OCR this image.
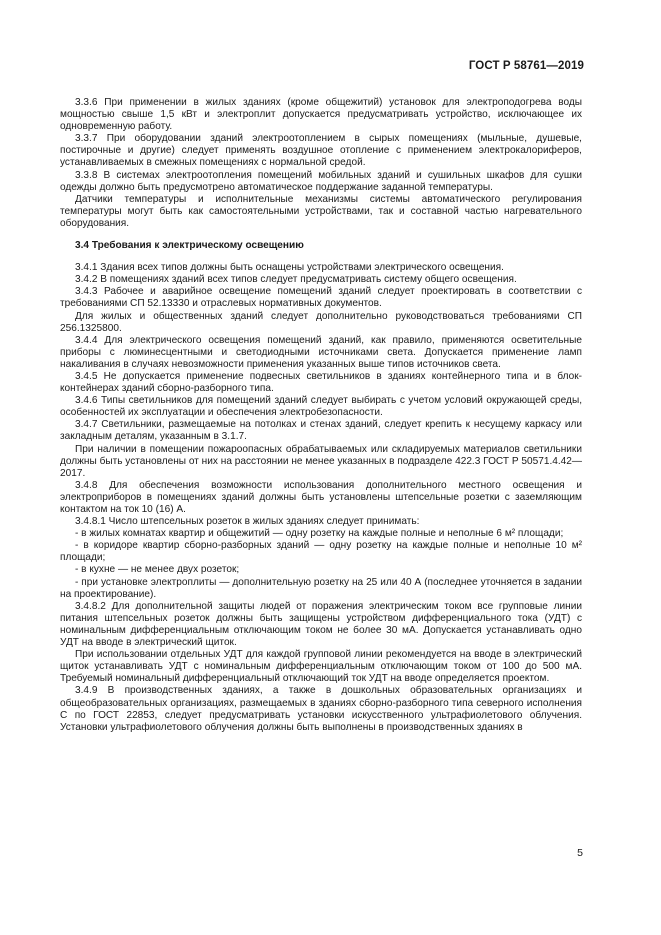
ГОСТ Р 58761—2019

3.3.6 При применении в жилых зданиях (кроме общежитий) установок для электроподогрева воды мощностью свыше 1,5 кВт и электроплит допускается предусматривать устройство, исключающее их одновременную работу.

3.3.7 При оборудовании зданий электроотоплением в сырых помещениях (мыльные, душевые, постирочные и другие) следует применять воздушное отопление с применением электрокалориферов, устанавливаемых в смежных помещениях с нормальной средой.

3.3.8 В системах электроотопления помещений мобильных зданий и сушильных шкафов для сушки одежды должно быть предусмотрено автоматическое поддержание заданной температуры.

Датчики температуры и исполнительные механизмы системы автоматического регулирования температуры могут быть как самостоятельными устройствами, так и составной частью нагревательного оборудования.

3.4 Требования к электрическому освещению

3.4.1 Здания всех типов должны быть оснащены устройствами электрического освещения.

3.4.2 В помещениях зданий всех типов следует предусматривать систему общего освещения.

3.4.3 Рабочее и аварийное освещение помещений зданий следует проектировать в соответствии с требованиями СП 52.13330 и отраслевых нормативных документов.

Для жилых и общественных зданий следует дополнительно руководствоваться требованиями СП 256.1325800.

3.4.4 Для электрического освещения помещений зданий, как правило, применяются осветительные приборы с люминесцентными и светодиодными источниками света. Допускается применение ламп накаливания в случаях невозможности применения указанных выше типов источников света.

3.4.5 Не допускается применение подвесных светильников в зданиях контейнерного типа и в блок-контейнерах зданий сборно-разборного типа.

3.4.6 Типы светильников для помещений зданий следует выбирать с учетом условий окружающей среды, особенностей их эксплуатации и обеспечения электробезопасности.

3.4.7 Светильники, размещаемые на потолках и стенах зданий, следует крепить к несущему каркасу или закладным деталям, указанным в 3.1.7.

При наличии в помещении пожароопасных обрабатываемых или складируемых материалов светильники должны быть установлены от них на расстоянии не менее указанных в подразделе 422.3 ГОСТ Р 50571.4.42—2017.

3.4.8 Для обеспечения возможности использования дополнительного местного освещения и электроприборов в помещениях зданий должны быть установлены штепсельные розетки с заземляющим контактом на ток 10 (16) А.

3.4.8.1 Число штепсельных розеток в жилых зданиях следует принимать:

- в жилых комнатах квартир и общежитий — одну розетку на каждые полные и неполные 6 м² площади;

- в коридоре квартир сборно-разборных зданий — одну розетку на каждые полные и неполные 10 м² площади;

- в кухне — не менее двух розеток;

- при установке электроплиты — дополнительную розетку на 25 или 40 А (последнее уточняется в задании на проектирование).

3.4.8.2 Для дополнительной защиты людей от поражения электрическим током все групповые линии питания штепсельных розеток должны быть защищены устройством дифференциального тока (УДТ) с номинальным дифференциальным отключающим током не более 30 мА. Допускается устанавливать одно УДТ на вводе в электрический щиток.

При использовании отдельных УДТ для каждой групповой линии рекомендуется на вводе в электрический щиток устанавливать УДТ с номинальным дифференциальным отключающим током от 100 до 500 мА. Требуемый номинальный дифференциальный отключающий ток УДТ на вводе определяется проектом.

3.4.9 В производственных зданиях, а также в дошкольных образовательных организациях и общеобразовательных организациях, размещаемых в зданиях сборно-разборного типа северного исполнения С по ГОСТ 22853, следует предусматривать установки искусственного ультрафиолетового облучения. Установки ультрафиолетового облучения должны быть выполнены в производственных зданиях в

5
